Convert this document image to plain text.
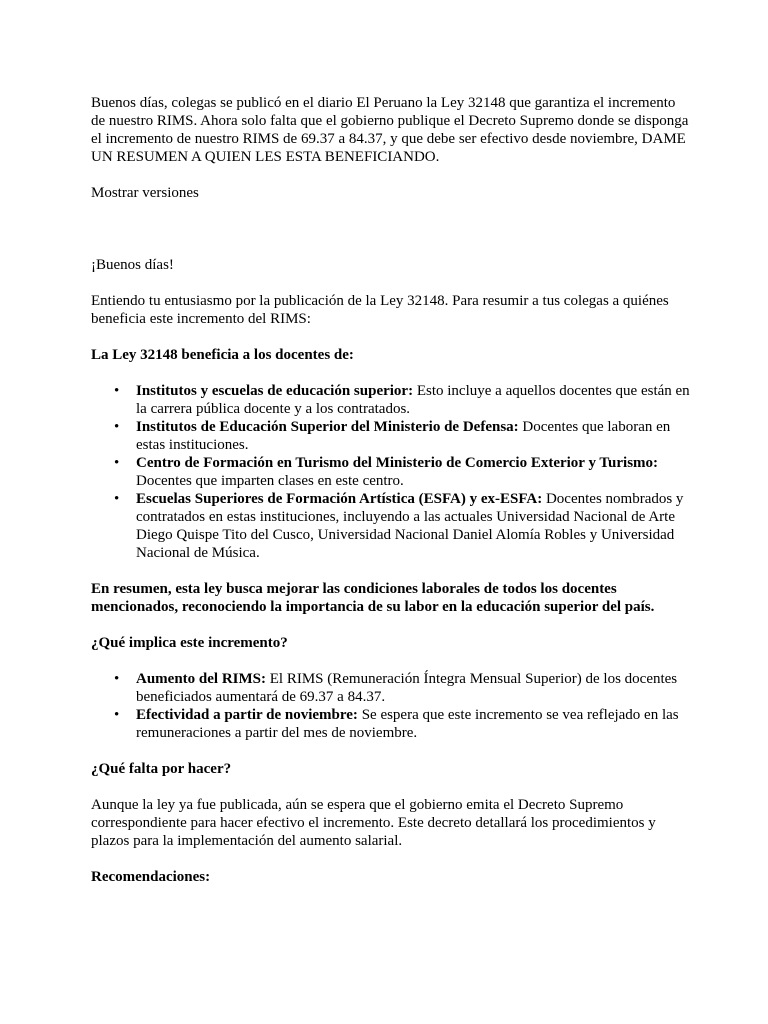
Buenos días, colegas se publicó en el diario El Peruano la Ley 32148 que garantiza el incremento de nuestro RIMS. Ahora solo falta que el gobierno publique el Decreto Supremo donde se disponga el incremento de nuestro RIMS de 69.37 a 84.37, y que debe ser efectivo desde noviembre, DAME UN RESUMEN A QUIEN LES ESTA BENEFICIANDO.

Mostrar versiones

¡Buenos días!

Entiendo tu entusiasmo por la publicación de la Ley 32148. Para resumir a tus colegas a quiénes beneficia este incremento del RIMS:

La Ley 32148 beneficia a los docentes de:

• Institutos y escuelas de educación superior: Esto incluye a aquellos docentes que están en la carrera pública docente y a los contratados.
• Institutos de Educación Superior del Ministerio de Defensa: Docentes que laboran en estas instituciones.
• Centro de Formación en Turismo del Ministerio de Comercio Exterior y Turismo: Docentes que imparten clases en este centro.
• Escuelas Superiores de Formación Artística (ESFA) y ex-ESFA: Docentes nombrados y contratados en estas instituciones, incluyendo a las actuales Universidad Nacional de Arte Diego Quispe Tito del Cusco, Universidad Nacional Daniel Alomía Robles y Universidad Nacional de Música.

En resumen, esta ley busca mejorar las condiciones laborales de todos los docentes mencionados, reconociendo la importancia de su labor en la educación superior del país.

¿Qué implica este incremento?

• Aumento del RIMS: El RIMS (Remuneración Íntegra Mensual Superior) de los docentes beneficiados aumentará de 69.37 a 84.37.
• Efectividad a partir de noviembre: Se espera que este incremento se vea reflejado en las remuneraciones a partir del mes de noviembre.

¿Qué falta por hacer?

Aunque la ley ya fue publicada, aún se espera que el gobierno emita el Decreto Supremo correspondiente para hacer efectivo el incremento. Este decreto detallará los procedimientos y plazos para la implementación del aumento salarial.

Recomendaciones:
